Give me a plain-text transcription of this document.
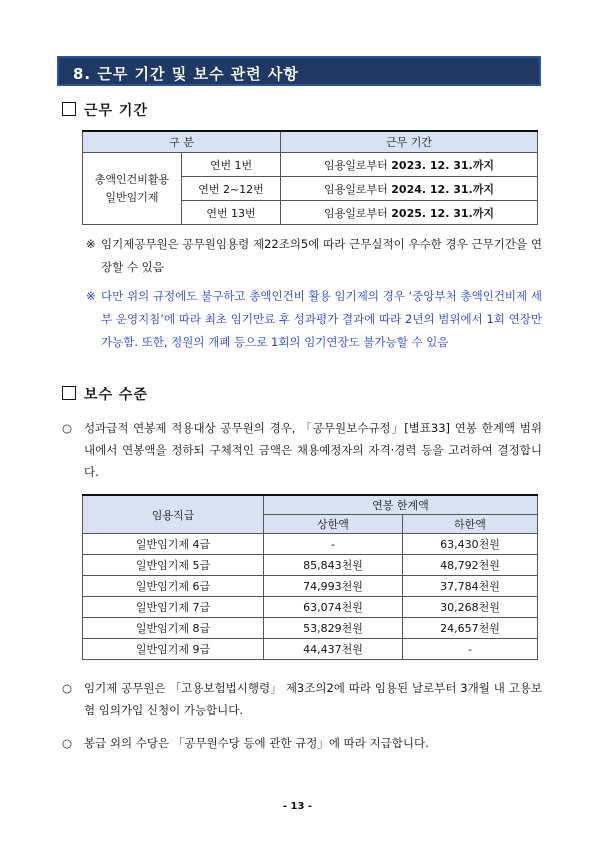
8. 근무 기간 및 보수 관련 사항
근무 기간
구 분		근무 기간
총액인건비활용
일반임기제	연번 1번	임용일로부터 2023. 12. 31.까지
	연번 2~12번	임용일로부터 2024. 12. 31.까지
	연번 13번	임용일로부터 2025. 12. 31.까지
※ 임기제공무원은 공무원임용령 제22조의5에 따라 근무실적이 우수한 경우 근무기간을 연장할 수 있음
※ 다만 위의 규정에도 불구하고 총액인건비 활용 임기제의 경우 ‘중앙부처 총액인건비제 세부 운영지침’에 따라 최초 임기만료 후 성과평가 결과에 따라 2년의 범위에서 1회 연장만 가능함. 또한, 정원의 개폐 등으로 1회의 임기연장도 불가능할 수 있음
보수 수준
○ 성과급적 연봉제 적용대상 공무원의 경우, 「공무원보수규정」[별표33] 연봉 한계액 범위 내에서 연봉액을 정하되 구체적인 금액은 채용예정자의 자격·경력 등을 고려하여 결정합니다.
임용직급	연봉 한계액	
	상한액	하한액
일반임기제 4급	-	63,430천원
일반임기제 5급	85,843천원	48,792천원
일반임기제 6급	74,993천원	37,784천원
일반임기제 7급	63,074천원	30,268천원
일반임기제 8급	53,829천원	24,657천원
일반임기제 9급	44,437천원	-
○ 임기제 공무원은 「고용보험법시행령」 제3조의2에 따라 임용된 날로부터 3개월 내 고용보험 임의가입 신청이 가능합니다.
○ 봉급 외의 수당은 「공무원수당 등에 관한 규정」에 따라 지급합니다.
- 13 -
